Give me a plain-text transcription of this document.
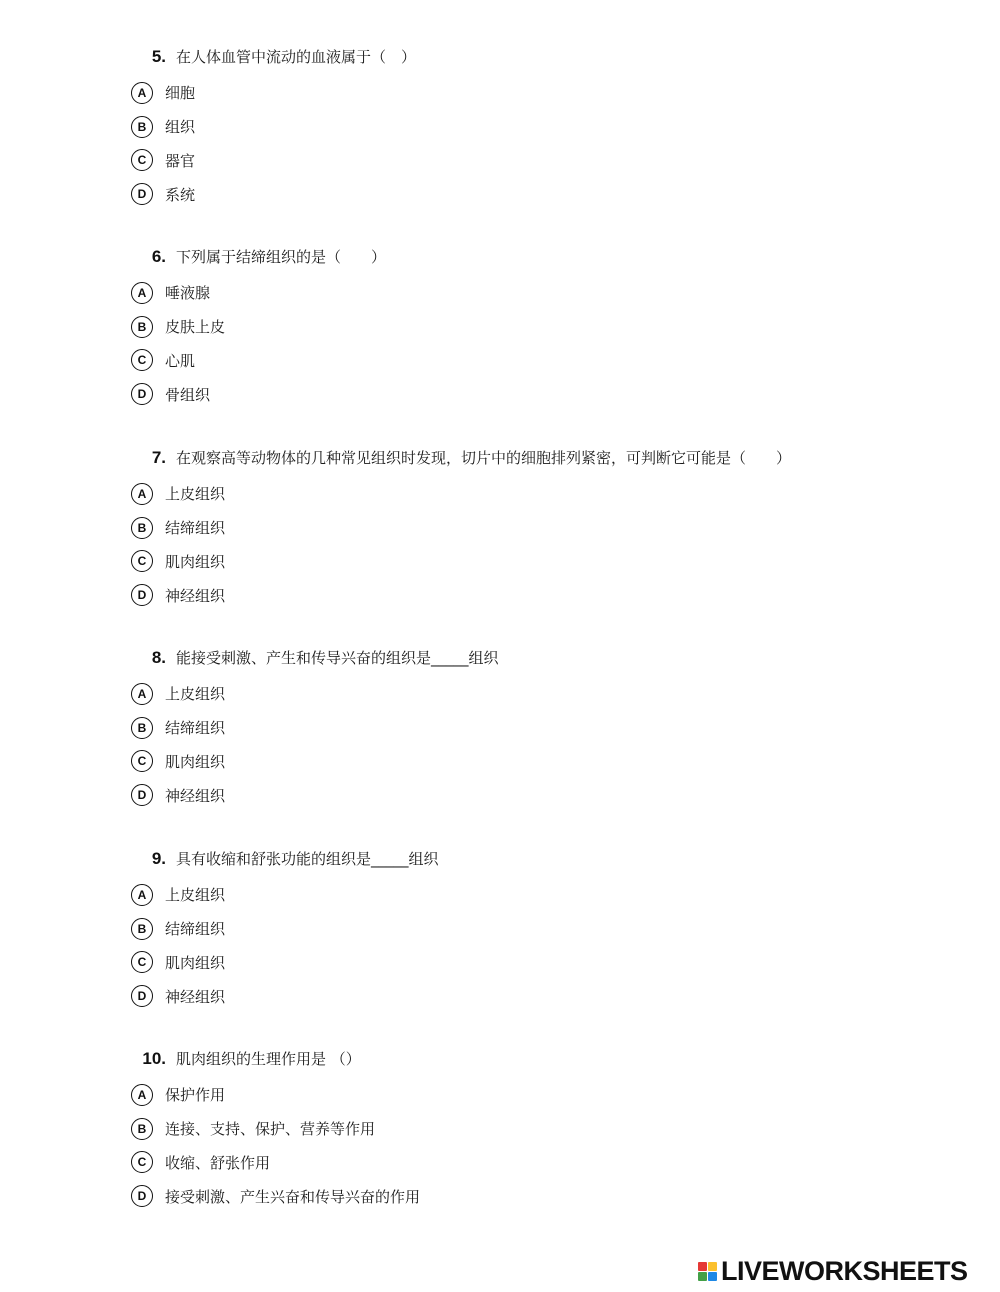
5. 在人体血管中流动的血液属于（　）
A	细胞
B	组织
C	器官
D	系统
6. 下列属于结缔组织的是（　　）
A	唾液腺
B	皮肤上皮
C	心肌
D	骨组织
7. 在观察高等动物体的几种常见组织时发现，切片中的细胞排列紧密，可判断它可能是（　　）
A	上皮组织
B	结缔组织
C	肌肉组织
D	神经组织
8. 能接受刺激、产生和传导兴奋的组织是_____组织
A	上皮组织
B	结缔组织
C	肌肉组织
D	神经组织
9. 具有收缩和舒张功能的组织是_____组织
A	上皮组织
B	结缔组织
C	肌肉组织
D	神经组织
10. 肌肉组织的生理作用是 （）
A	保护作用
B	连接、支持、保护、营养等作用
C	收缩、舒张作用
D	接受刺激、产生兴奋和传导兴奋的作用
LIVEWORKSHEETS
